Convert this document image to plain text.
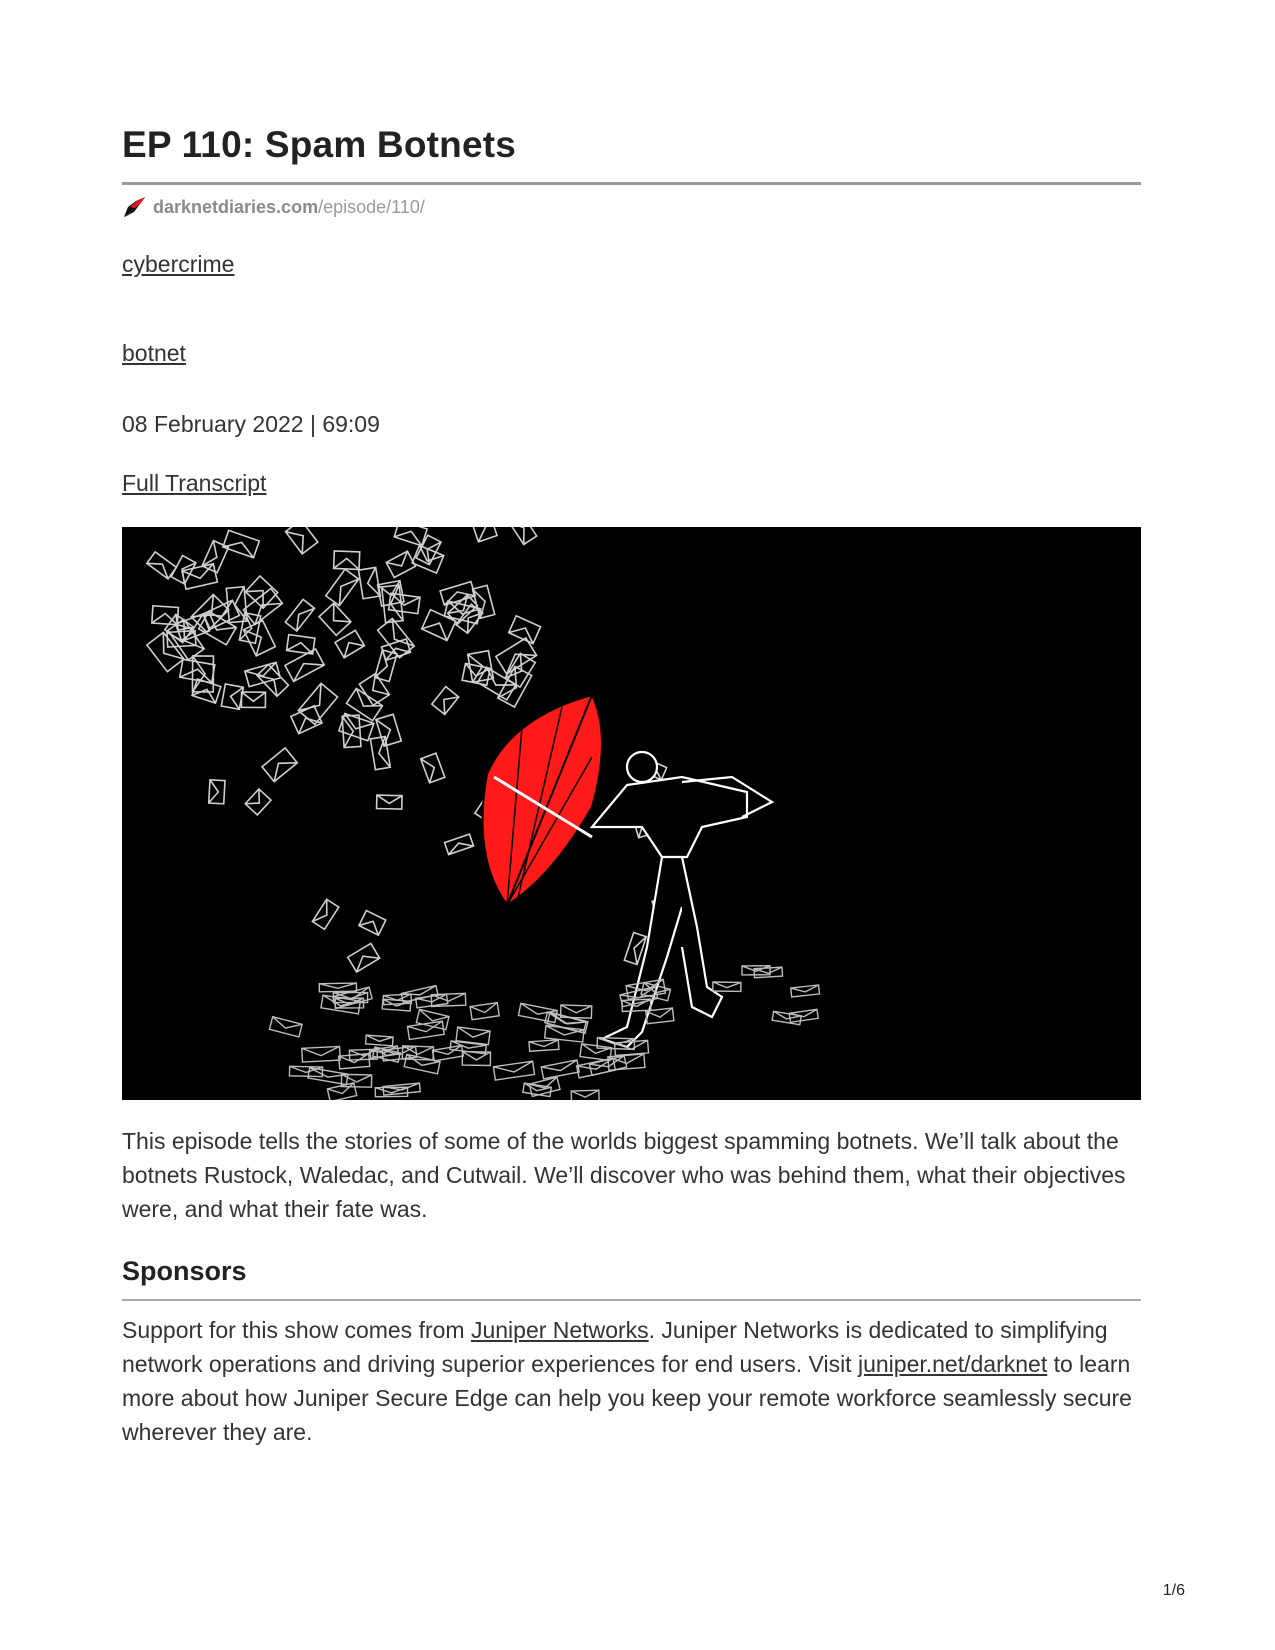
EP 110: Spam Botnets
darknetdiaries.com /episode/110/
cybercrime
botnet
08 February 2022 | 69:09
Full Transcript

This episode tells the stories of some of the worlds biggest spamming botnets. We’ll talk about the botnets Rustock, Waledac, and Cutwail. We’ll discover who was behind them, what their objectives were, and what their fate was.

Sponsors

Support for this show comes from Juniper Networks. Juniper Networks is dedicated to simplifying network operations and driving superior experiences for end users. Visit juniper.net/darknet to learn more about how Juniper Secure Edge can help you keep your remote workforce seamlessly secure wherever they are.

1/6
